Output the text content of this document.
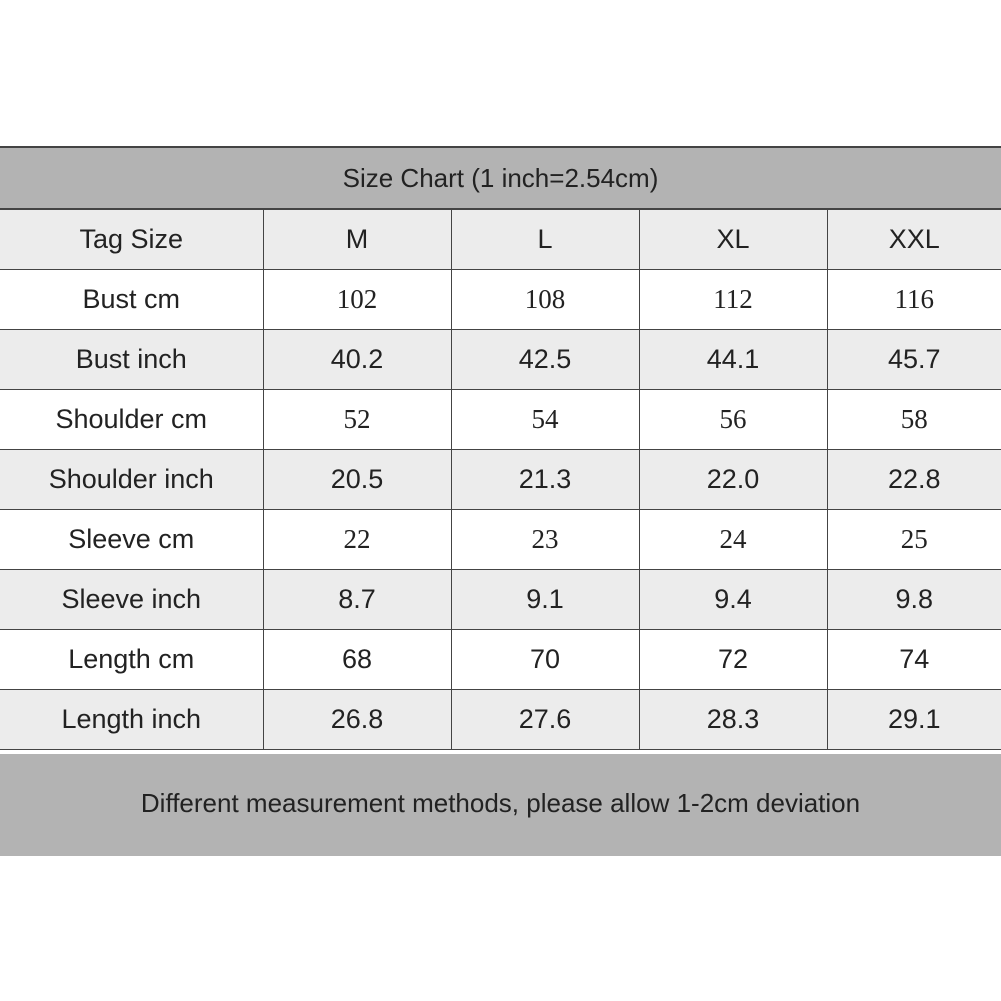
Size Chart (1 inch=2.54cm)
Tag Size	M	L	XL	XXL
Bust cm	102	108	112	116
Bust inch	40.2	42.5	44.1	45.7
Shoulder cm	52	54	56	58
Shoulder inch	20.5	21.3	22.0	22.8
Sleeve cm	22	23	24	25
Sleeve inch	8.7	9.1	9.4	9.8
Length cm	68	70	72	74
Length inch	26.8	27.6	28.3	29.1
Different measurement methods, please allow 1-2cm deviation
